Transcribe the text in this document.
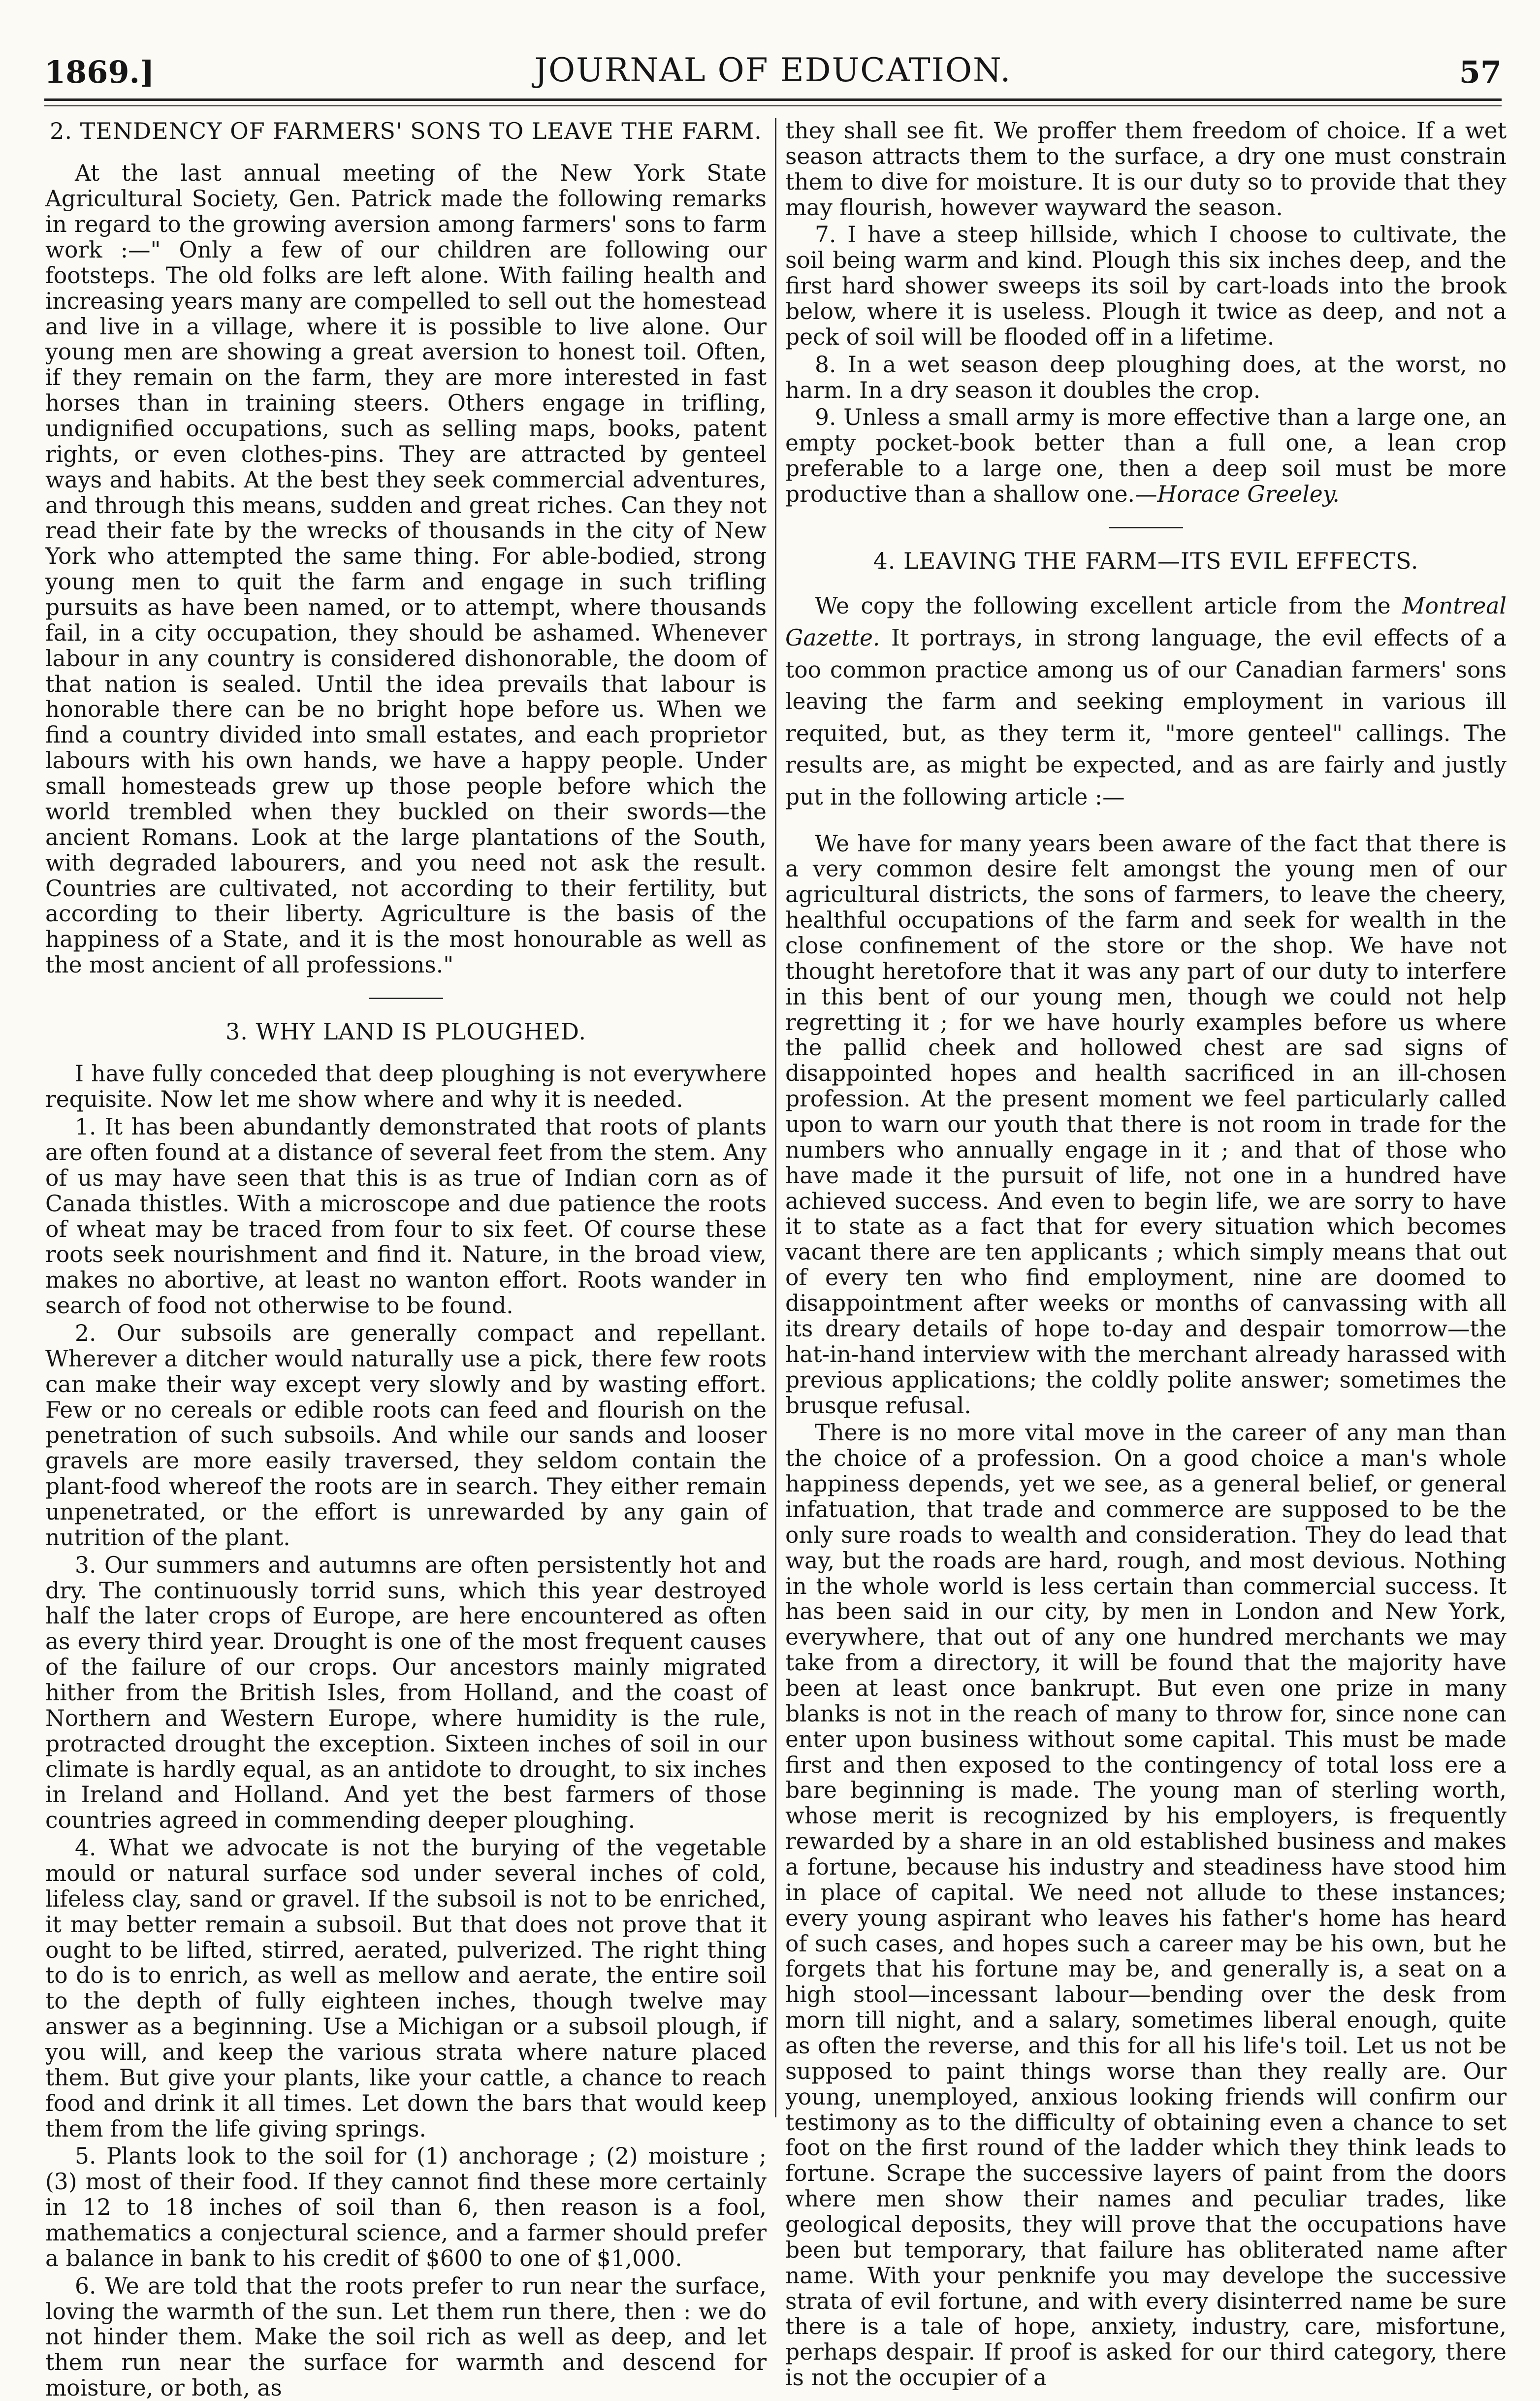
1869.]	JOURNAL OF EDUCATION.	57
2. TENDENCY OF FARMERS' SONS TO LEAVE THE FARM.

At the last annual meeting of the New York State Agricultural Society, Gen. Patrick made the following remarks in regard to the growing aversion among farmers' sons to farm work :—" Only a few of our children are following our footsteps. The old folks are left alone. With failing health and increasing years many are compelled to sell out the homestead and live in a village, where it is possible to live alone. Our young men are showing a great aversion to honest toil. Often, if they remain on the farm, they are more interested in fast horses than in training steers. Others engage in trifling, undignified occupations, such as selling maps, books, patent rights, or even clothes-pins. They are attracted by genteel ways and habits. At the best they seek commercial adventures, and through this means, sudden and great riches. Can they not read their fate by the wrecks of thousands in the city of New York who attempted the same thing. For able-bodied, strong young men to quit the farm and engage in such trifling pursuits as have been named, or to attempt, where thousands fail, in a city occupation, they should be ashamed. Whenever labour in any country is considered dishonorable, the doom of that nation is sealed. Until the idea prevails that labour is honorable there can be no bright hope before us. When we find a country divided into small estates, and each proprietor labours with his own hands, we have a happy people. Under small homesteads grew up those people before which the world trembled when they buckled on their swords—the ancient Romans. Look at the large plantations of the South, with degraded labourers, and you need not ask the result. Countries are cultivated, not according to their fertility, but according to their liberty. Agriculture is the basis of the happiness of a State, and it is the most honourable as well as the most ancient of all professions."

3. WHY LAND IS PLOUGHED.

I have fully conceded that deep ploughing is not everywhere requisite. Now let me show where and why it is needed.

1. It has been abundantly demonstrated that roots of plants are often found at a distance of several feet from the stem. Any of us may have seen that this is as true of Indian corn as of Canada thistles. With a microscope and due patience the roots of wheat may be traced from four to six feet. Of course these roots seek nourishment and find it. Nature, in the broad view, makes no abortive, at least no wanton effort. Roots wander in search of food not otherwise to be found.

2. Our subsoils are generally compact and repellant. Wherever a ditcher would naturally use a pick, there few roots can make their way except very slowly and by wasting effort. Few or no cereals or edible roots can feed and flourish on the penetration of such subsoils. And while our sands and looser gravels are more easily traversed, they seldom contain the plant-food whereof the roots are in search. They either remain unpenetrated, or the effort is unrewarded by any gain of nutrition of the plant.

3. Our summers and autumns are often persistently hot and dry. The continuously torrid suns, which this year destroyed half the later crops of Europe, are here encountered as often as every third year. Drought is one of the most frequent causes of the failure of our crops. Our ancestors mainly migrated hither from the British Isles, from Holland, and the coast of Northern and Western Europe, where humidity is the rule, protracted drought the exception. Sixteen inches of soil in our climate is hardly equal, as an antidote to drought, to six inches in Ireland and Holland. And yet the best farmers of those countries agreed in commending deeper ploughing.

4. What we advocate is not the burying of the vegetable mould or natural surface sod under several inches of cold, lifeless clay, sand or gravel. If the subsoil is not to be enriched, it may better remain a subsoil. But that does not prove that it ought to be lifted, stirred, aerated, pulverized. The right thing to do is to enrich, as well as mellow and aerate, the entire soil to the depth of fully eighteen inches, though twelve may answer as a beginning. Use a Michigan or a subsoil plough, if you will, and keep the various strata where nature placed them. But give your plants, like your cattle, a chance to reach food and drink it all times. Let down the bars that would keep them from the life giving springs.

5. Plants look to the soil for (1) anchorage ; (2) moisture ; (3) most of their food. If they cannot find these more certainly in 12 to 18 inches of soil than 6, then reason is a fool, mathematics a conjectural science, and a farmer should prefer a balance in bank to his credit of $600 to one of $1,000.

6. We are told that the roots prefer to run near the surface, loving the warmth of the sun. Let them run there, then : we do not hinder them. Make the soil rich as well as deep, and let them run near the surface for warmth and descend for moisture, or both, as

they shall see fit. We proffer them freedom of choice. If a wet season attracts them to the surface, a dry one must constrain them to dive for moisture. It is our duty so to provide that they may flourish, however wayward the season.

7. I have a steep hillside, which I choose to cultivate, the soil being warm and kind. Plough this six inches deep, and the first hard shower sweeps its soil by cart-loads into the brook below, where it is useless. Plough it twice as deep, and not a peck of soil will be flooded off in a lifetime.

8. In a wet season deep ploughing does, at the worst, no harm. In a dry season it doubles the crop.

9. Unless a small army is more effective than a large one, an empty pocket-book better than a full one, a lean crop preferable to a large one, then a deep soil must be more productive than a shallow one.—Horace Greeley.

4. LEAVING THE FARM—ITS EVIL EFFECTS.

We copy the following excellent article from the Montreal Gazette. It portrays, in strong language, the evil effects of a too common practice among us of our Canadian farmers' sons leaving the farm and seeking employment in various ill requited, but, as they term it, "more genteel" callings. The results are, as might be expected, and as are fairly and justly put in the following article :—

We have for many years been aware of the fact that there is a very common desire felt amongst the young men of our agricultural districts, the sons of farmers, to leave the cheery, healthful occupations of the farm and seek for wealth in the close confinement of the store or the shop. We have not thought heretofore that it was any part of our duty to interfere in this bent of our young men, though we could not help regretting it ; for we have hourly examples before us where the pallid cheek and hollowed chest are sad signs of disappointed hopes and health sacrificed in an ill-chosen profession. At the present moment we feel particularly called upon to warn our youth that there is not room in trade for the numbers who annually engage in it ; and that of those who have made it the pursuit of life, not one in a hundred have achieved success. And even to begin life, we are sorry to have it to state as a fact that for every situation which becomes vacant there are ten applicants ; which simply means that out of every ten who find employment, nine are doomed to disappointment after weeks or months of canvassing with all its dreary details of hope to-day and despair tomorrow—the hat-in-hand interview with the merchant already harassed with previous applications; the coldly polite answer; sometimes the brusque refusal.

There is no more vital move in the career of any man than the choice of a profession. On a good choice a man's whole happiness depends, yet we see, as a general belief, or general infatuation, that trade and commerce are supposed to be the only sure roads to wealth and consideration. They do lead that way, but the roads are hard, rough, and most devious. Nothing in the whole world is less certain than commercial success. It has been said in our city, by men in London and New York, everywhere, that out of any one hundred merchants we may take from a directory, it will be found that the majority have been at least once bankrupt. But even one prize in many blanks is not in the reach of many to throw for, since none can enter upon business without some capital. This must be made first and then exposed to the contingency of total loss ere a bare beginning is made. The young man of sterling worth, whose merit is recognized by his employers, is frequently rewarded by a share in an old established business and makes a fortune, because his industry and steadiness have stood him in place of capital. We need not allude to these instances; every young aspirant who leaves his father's home has heard of such cases, and hopes such a career may be his own, but he forgets that his fortune may be, and generally is, a seat on a high stool—incessant labour—bending over the desk from morn till night, and a salary, sometimes liberal enough, quite as often the reverse, and this for all his life's toil. Let us not be supposed to paint things worse than they really are. Our young, unemployed, anxious looking friends will confirm our testimony as to the difficulty of obtaining even a chance to set foot on the first round of the ladder which they think leads to fortune. Scrape the successive layers of paint from the doors where men show their names and peculiar trades, like geological deposits, they will prove that the occupations have been but temporary, that failure has obliterated name after name. With your penknife you may develope the successive strata of evil fortune, and with every disinterred name be sure there is a tale of hope, anxiety, industry, care, misfortune, perhaps despair. If proof is asked for our third category, there is not the occupier of a
